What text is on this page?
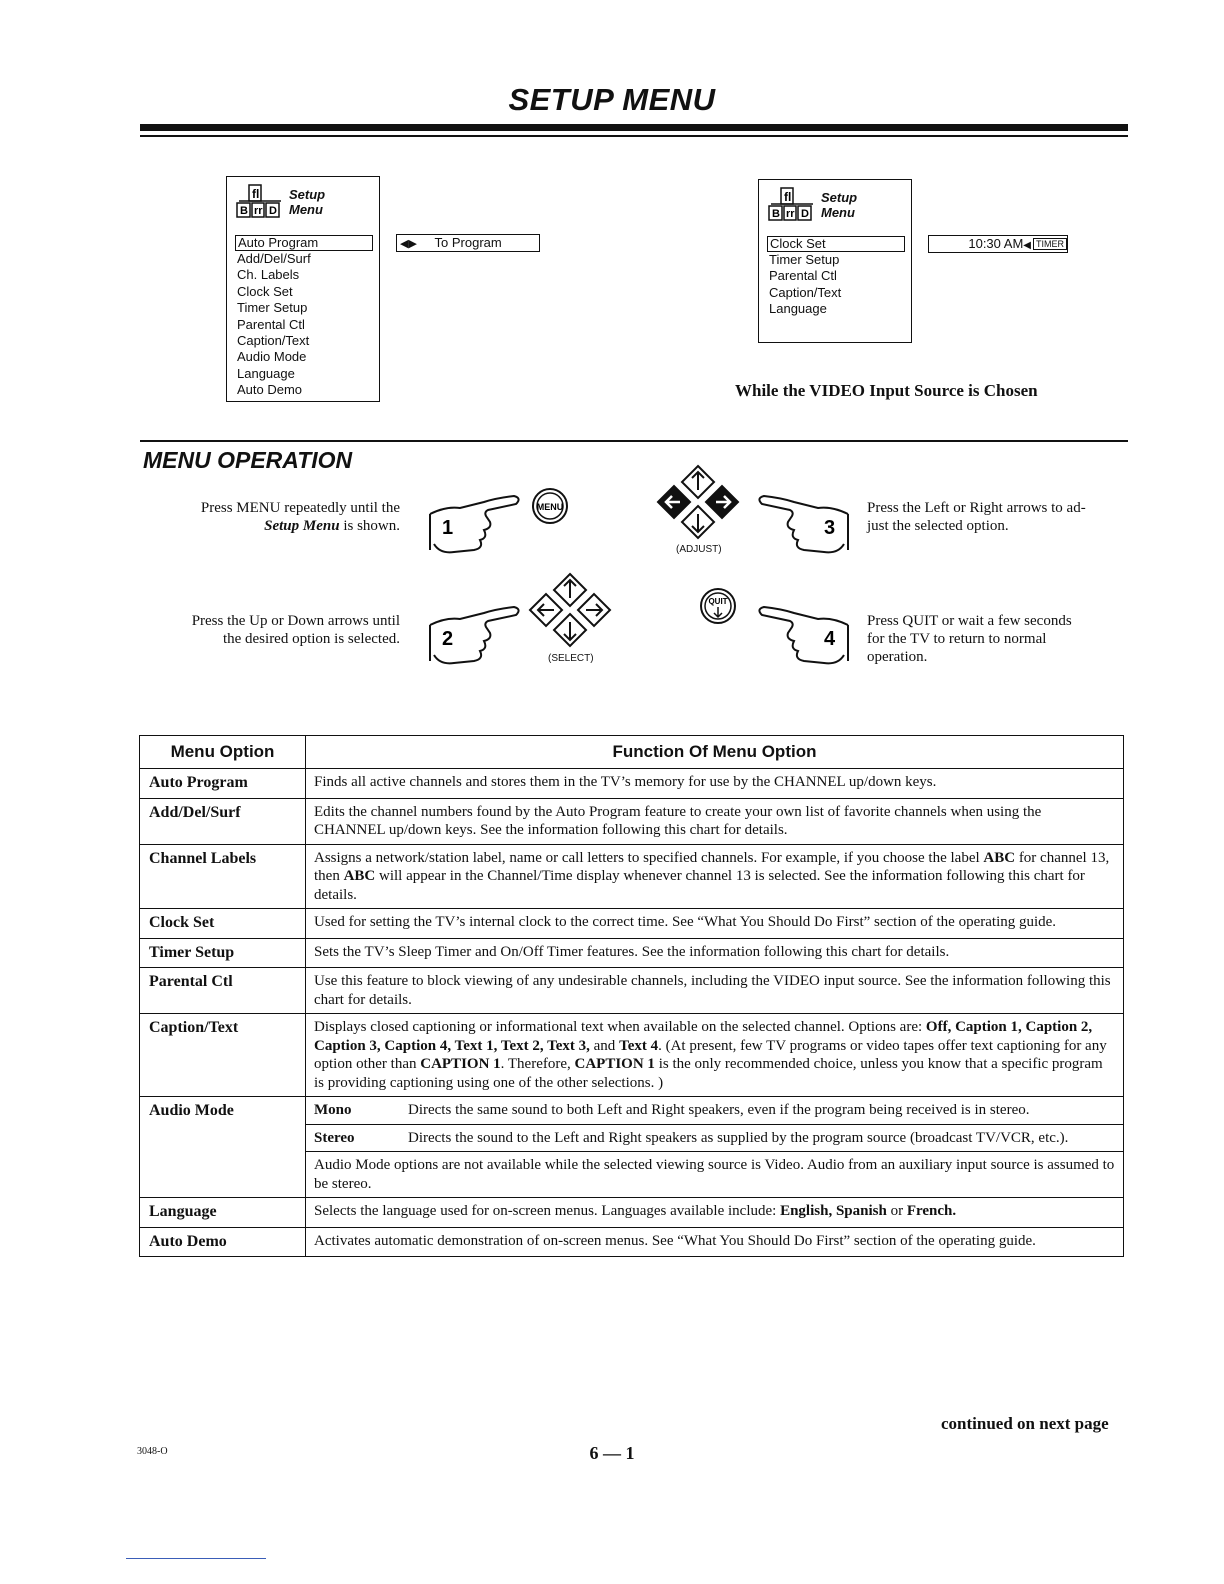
SETUP MENU
fl
B rr D
Setup
Menu
Auto Program
Add/Del/Surf
Ch. Labels
Clock Set
Timer Setup
Parental Ctl
Caption/Text
Audio Mode
Language
Auto Demo
◀▶ To Program
fl
B rr D
Setup
Menu
Clock Set
Timer Setup
Parental Ctl
Caption/Text
Language
10:30 AM◀ TIMER
While the VIDEO Input Source is Chosen
MENU OPERATION
Press MENU repeatedly until the
Setup Menu is shown. 1
MENU
(ADJUST)
3
Press the Left or Right arrows to ad-
just the selected option.
Press the Up or Down arrows until
the desired option is selected. 2
(SELECT)
QUIT
4
Press QUIT or wait a few seconds
for the TV to return to normal
operation.
Menu Option	Function Of Menu Option
Auto Program	Finds all active channels and stores them in the TV’s memory for use by the CHANNEL up/down keys.
Add/Del/Surf	Edits the channel numbers found by the Auto Program feature to create your own list of favorite channels when using the CHANNEL up/down keys. See the information following this chart for details.
Channel Labels	Assigns a network/station label, name or call letters to specified channels. For example, if you choose the label ABC for channel 13, then ABC will appear in the Channel/Time display whenever channel 13 is selected. See the information following this chart for details.
Clock Set	Used for setting the TV’s internal clock to the correct time. See “What You Should Do First” section of the operating guide.
Timer Setup	Sets the TV’s Sleep Timer and On/Off Timer features. See the information following this chart for details.
Parental Ctl	Use this feature to block viewing of any undesirable channels, including the VIDEO input source. See the information following this chart for details.
Caption/Text	Displays closed captioning or informational text when available on the selected channel. Options are: Off, Caption 1, Caption 2, Caption 3, Caption 4, Text 1, Text 2, Text 3, and Text 4. (At present, few TV programs or video tapes offer text captioning for any option other than CAPTION 1. Therefore, CAPTION 1 is the only recommended choice, unless you know that a specific program is providing captioning using one of the other selections. )
Audio Mode		Mono	Directs the same sound to both Left and Right speakers, even if the program being received is in stereo.
Stereo	Directs the sound to the Left and Right speakers as supplied by the program source (broadcast TV/VCR, etc.).
Audio Mode options are not available while the selected viewing source is Video. Audio from an auxiliary input source is assumed to be stereo.

Language	Selects the language used for on-screen menus. Languages available include: English, Spanish or French.
Auto Demo	Activates automatic demonstration of on-screen menus. See “What You Should Do First” section of the operating guide.
continued on next page
3048-O	6 — 1
